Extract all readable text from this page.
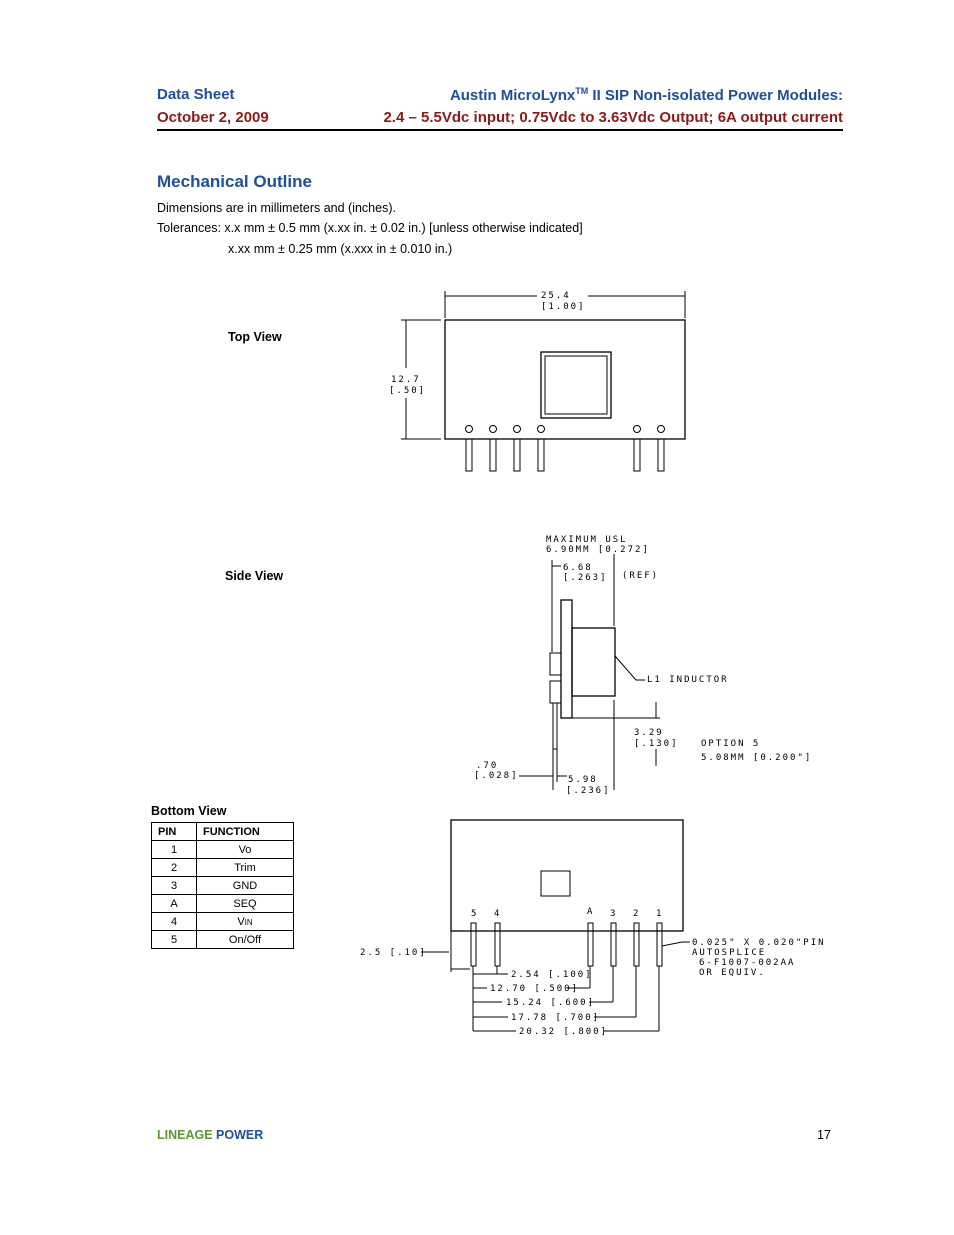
Data Sheet
October 2, 2009
Austin MicroLynx™ II SIP Non-isolated Power Modules:
2.4 – 5.5Vdc input; 0.75Vdc to 3.63Vdc Output; 6A output current
Mechanical Outline
Dimensions are in millimeters and (inches).
Tolerances: x.x mm ± 0.5 mm (x.xx in. ± 0.02 in.) [unless otherwise indicated]
x.xx mm ± 0.25 mm (x.xxx in ± 0.010 in.)
Top View
Side View
Bottom View
25.4
[1.00]
12.7
[.50]
MAXIMUM USL
6.90MM [0.272]
6.68
[.263] (REF)
L1 INDUCTOR
3.29
[.130] OPTION 5
5.08MM [0.200"]
.70
[.028]	5.98
[.236]
5 4	A 3 2 1
2.5 [.10]
2.54 [.100]
12.70 [.500]
15.24 [.600]
17.78 [.700]
20.32 [.800]
0.025" X 0.020"PIN
AUTOSPLICE
6-F1007-002AA
OR EQUIV.
PIN	FUNCTION
1	Vo
2	Trim
3	GND
A	SEQ
4	VIN
5	On/Off
LINEAGE POWER	17
